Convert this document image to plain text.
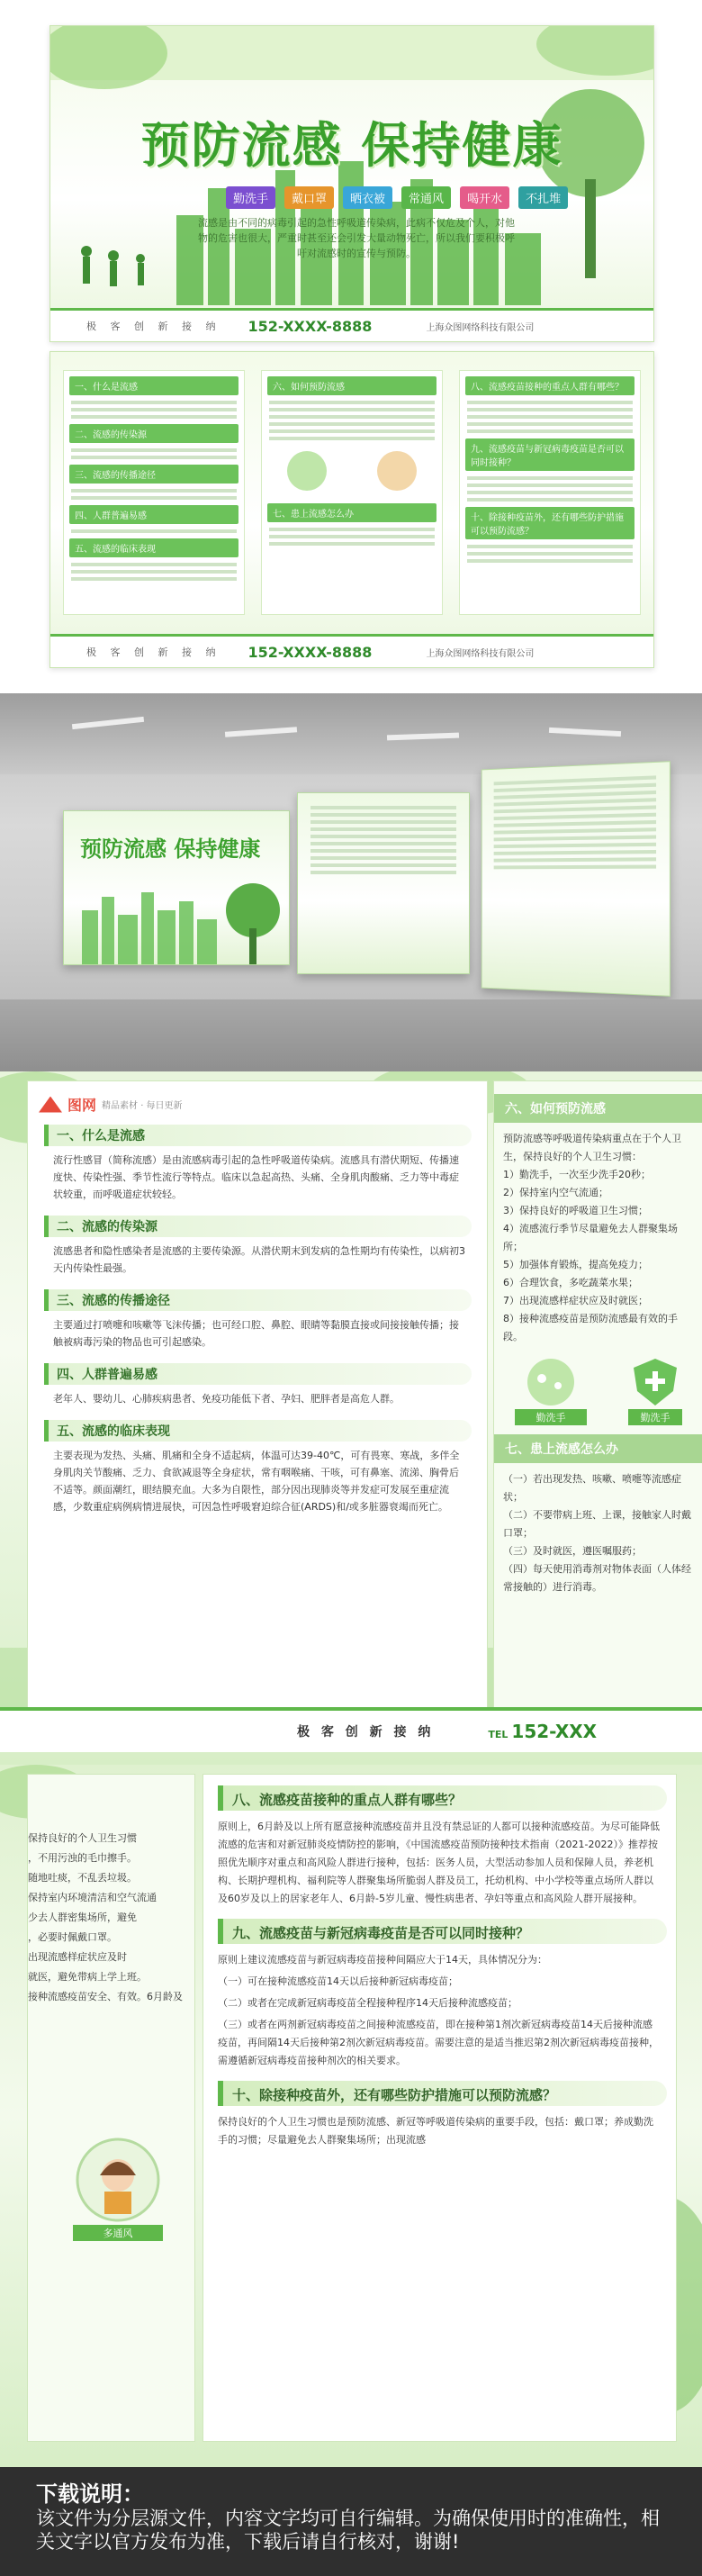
预防流感 保持健康
勤洗手	戴口罩	晒衣被	常通风	喝开水	不扎堆
流感是由不同的病毒引起的急性呼吸道传染病，此病不仅危及个人，对他物的危害也很大，严重时甚至还会引发大量动物死亡，所以我们要积极呼吁对流感时的宣传与预防。
极 客 创 新 接 纳 152-XXXX-8888	上海众图网络科技有限公司
一、什么是流感
二、流感的传染源
三、流感的传播途径
四、人群普遍易感
五、流感的临床表现
六、如何预防流感
七、患上流感怎么办
八、流感疫苗接种的重点人群有哪些？
九、流感疫苗与新冠病毒疫苗是否可以同时接种？
十、除接种疫苗外，还有哪些防护措施可以预防流感？
极 客 创 新 接 纳 152-XXXX-8888	上海众图网络科技有限公司
预防流感 保持健康
图网 精品素材 · 每日更新
一、什么是流感
流行性感冒（简称流感）是由流感病毒引起的急性呼吸道传染病。流感具有潜伏期短、传播速度快、传染性强、季节性流行等特点。临床以急起高热、头痛、全身肌肉酸痛、乏力等中毒症状较重，而呼吸道症状较轻。
二、流感的传染源
流感患者和隐性感染者是流感的主要传染源。从潜伏期末到发病的急性期均有传染性，以病初3天内传染性最强。
三、流感的传播途径
主要通过打喷嚏和咳嗽等飞沫传播；也可经口腔、鼻腔、眼睛等黏膜直接或间接接触传播；接触被病毒污染的物品也可引起感染。
四、人群普遍易感
老年人、婴幼儿、心肺疾病患者、免疫功能低下者、孕妇、肥胖者是高危人群。
五、流感的临床表现
主要表现为发热、头痛、肌痛和全身不适起病，体温可达39-40℃，可有畏寒、寒战，多伴全身肌肉关节酸痛、乏力、食欲减退等全身症状，常有咽喉痛、干咳，可有鼻塞、流涕、胸骨后不适等。颜面潮红，眼结膜充血。大多为自限性，部分因出现肺炎等并发症可发展至重症流感，少数重症病例病情进展快，可因急性呼吸窘迫综合征(ARDS)和/或多脏器衰竭而死亡。
六、如何预防流感
预防流感等呼吸道传染病重点在于个人卫生，保持良好的个人卫生习惯：
1）勤洗手，一次至少洗手20秒；
2）保持室内空气流通；
3）保持良好的呼吸道卫生习惯；
4）流感流行季节尽量避免去人群聚集场所；
5）加强体育锻炼，提高免疫力；
6）合理饮食，多吃蔬菜水果；
7）出现流感样症状应及时就医；
8）接种流感疫苗是预防流感最有效的手段。
勤洗手	勤洗手
七、患上流感怎么办
（一）若出现发热、咳嗽、喷嚏等流感症状；
（二）不要带病上班、上课，接触家人时戴口罩；
（三）及时就医，遵医嘱服药；
（四）每天使用消毒剂对物体表面（人体经常接触的）进行消毒。
极 客 创 新 接 纳	TEL 152-XXX
保持良好的个人卫生习惯
，不用污浊的毛巾擦手。
随地吐痰，不乱丢垃圾。
保持室内环境清洁和空气流通
少去人群密集场所，避免
，必要时佩戴口罩。
出现流感样症状应及时
就医，避免带病上学上班。
接种流感疫苗安全、有效。6月龄及
多通风
八、流感疫苗接种的重点人群有哪些？
原则上，6月龄及以上所有愿意接种流感疫苗并且没有禁忌证的人都可以接种流感疫苗。为尽可能降低流感的危害和对新冠肺炎疫情防控的影响，《中国流感疫苗预防接种技术指南（2021-2022）》推荐按照优先顺序对重点和高风险人群进行接种，包括：医务人员，大型活动参加人员和保障人员，养老机构、长期护理机构、福利院等人群聚集场所脆弱人群及员工，托幼机构、中小学校等重点场所人群以及60岁及以上的居家老年人、6月龄-5岁儿童、慢性病患者、孕妇等重点和高风险人群开展接种。
九、流感疫苗与新冠病毒疫苗是否可以同时接种？
原则上建议流感疫苗与新冠病毒疫苗接种间隔应大于14天，具体情况分为：
（一）可在接种流感疫苗14天以后接种新冠病毒疫苗；
（二）或者在完成新冠病毒疫苗全程接种程序14天后接种流感疫苗；
（三）或者在两剂新冠病毒疫苗之间接种流感疫苗，即在接种第1剂次新冠病毒疫苗14天后接种流感疫苗，再间隔14天后接种第2剂次新冠病毒疫苗。需要注意的是适当推迟第2剂次新冠病毒疫苗接种，需遵循新冠病毒疫苗接种剂次的相关要求。
十、除接种疫苗外，还有哪些防护措施可以预防流感？
保持良好的个人卫生习惯也是预防流感、新冠等呼吸道传染病的重要手段，包括：戴口罩；养成勤洗手的习惯；尽量避免去人群聚集场所；出现流感
下载说明：
该文件为分层源文件，内容文字均可自行编辑。为确保使用时的准确性，相关文字以官方发布为准，下载后请自行核对，谢谢!
